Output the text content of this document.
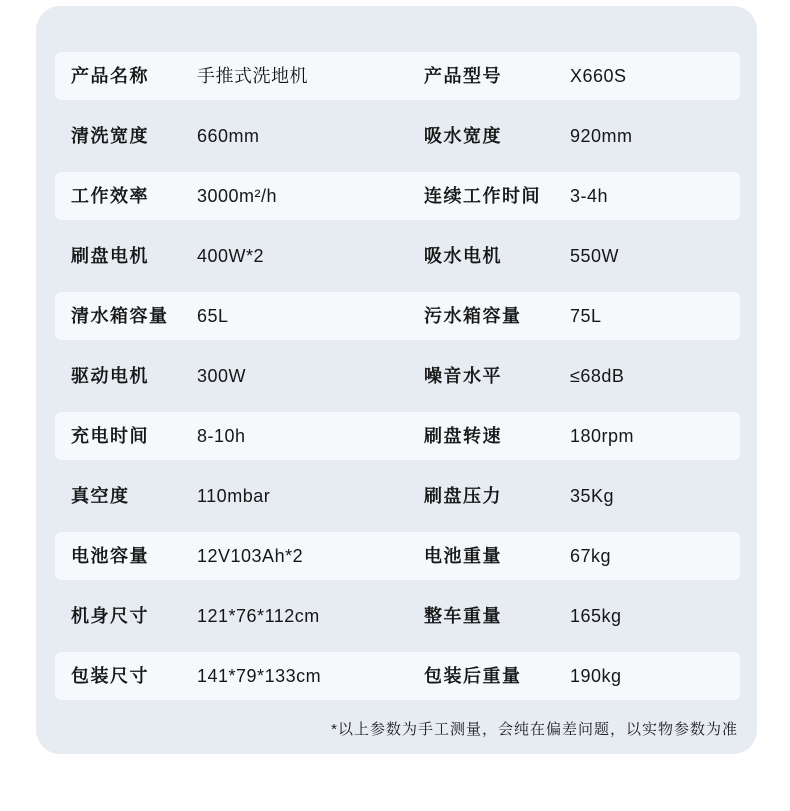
产品名称	手推式洗地机	产品型号	X660S
清洗宽度	660mm	吸水宽度	920mm
工作效率	3000m²/h	连续工作时间	3-4h
刷盘电机	400W*2	吸水电机	550W
清水箱容量	65L	污水箱容量	75L
驱动电机	300W	噪音水平	≤68dB
充电时间	8-10h	刷盘转速	180rpm
真空度	110mbar	刷盘压力	35Kg
电池容量	12V103Ah*2	电池重量	67kg
机身尺寸	121*76*112cm	整车重量	165kg
包装尺寸	141*79*133cm	包装后重量	190kg
*以上参数为手工测量，会纯在偏差问题，以实物参数为准
